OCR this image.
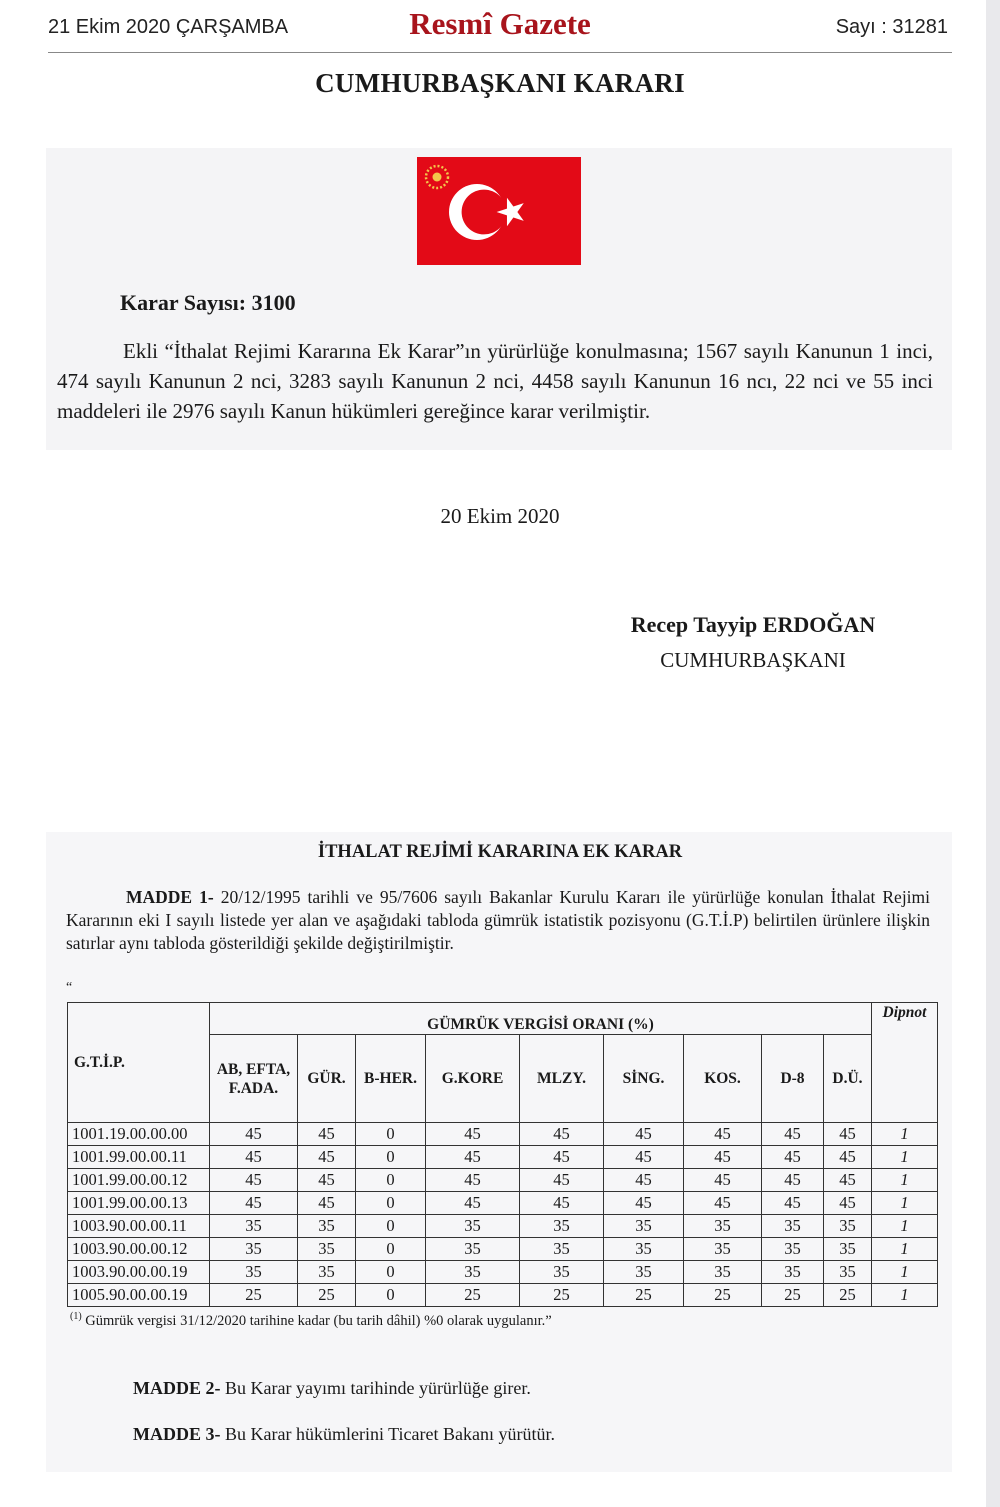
21 Ekim 2020 ÇARŞAMBA	Resmî Gazete	Sayı : 31281
CUMHURBAŞKANI KARARI
Karar Sayısı: 3100
Ekli “İthalat Rejimi Kararına Ek Karar”ın yürürlüğe konulmasına; 1567 sayılı Kanunun 1 inci, 474 sayılı Kanunun 2 nci, 3283 sayılı Kanunun 2 nci, 4458 sayılı Kanunun 16 ncı, 22 nci ve 55 inci maddeleri ile 2976 sayılı Kanun hükümleri gereğince karar verilmiştir.
20 Ekim 2020
Recep Tayyip ERDOĞAN
CUMHURBAŞKANI
İTHALAT REJİMİ KARARINA EK KARAR
MADDE 1- 20/12/1995 tarihli ve 95/7606 sayılı Bakanlar Kurulu Kararı ile yürürlüğe konulan İthalat Rejimi Kararının eki I sayılı listede yer alan ve aşağıdaki tabloda gümrük istatistik pozisyonu (G.T.İ.P) belirtilen ürünlere ilişkin satırlar aynı tabloda gösterildiği şekilde değiştirilmiştir.
“
G.T.İ.P.	GÜMRÜK VERGİSİ ORANI (%)									Dipnot
	AB, EFTA, F.ADA.	GÜR.	B-HER.	G.KORE	MLZY.	SİNG.	KOS.	D-8	D.Ü.	
1001.19.00.00.00	45	45	0	45	45	45	45	45	45	1
1001.99.00.00.11	45	45	0	45	45	45	45	45	45	1
1001.99.00.00.12	45	45	0	45	45	45	45	45	45	1
1001.99.00.00.13	45	45	0	45	45	45	45	45	45	1
1003.90.00.00.11	35	35	0	35	35	35	35	35	35	1
1003.90.00.00.12	35	35	0	35	35	35	35	35	35	1
1003.90.00.00.19	35	35	0	35	35	35	35	35	35	1
1005.90.00.00.19	25	25	0	25	25	25	25	25	25	1
$^{(1)}$ Gümrük vergisi 31/12/2020 tarihine kadar (bu tarih dâhil) %0 olarak uygulanır.”
MADDE 2- Bu Karar yayımı tarihinde yürürlüğe girer.
MADDE 3- Bu Karar hükümlerini Ticaret Bakanı yürütür.
